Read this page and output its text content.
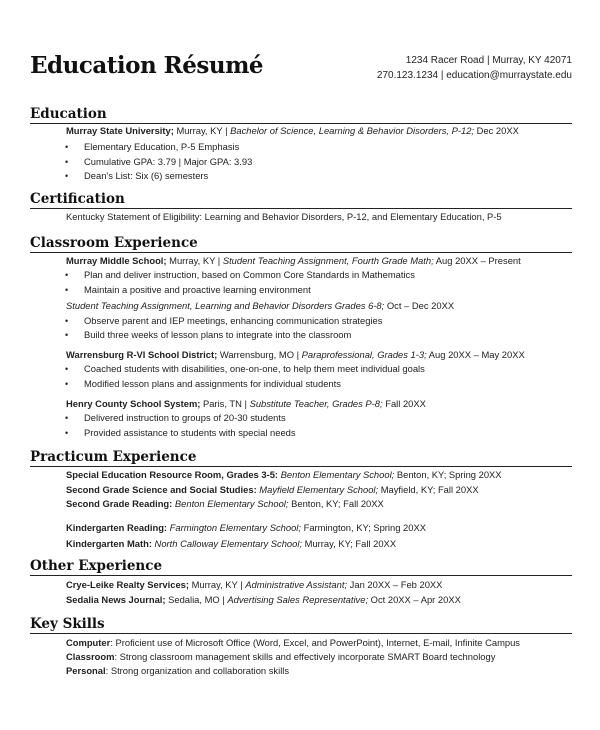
Education Résumé	1234 Racer Road | Murray, KY 42071
270.123.1234 | education@murraystate.edu
Education
Murray State University; Murray, KY | Bachelor of Science, Learning & Behavior Disorders, P-12; Dec 20XX
• Elementary Education, P-5 Emphasis
• Cumulative GPA: 3.79 | Major GPA: 3.93
• Dean's List: Six (6) semesters
Certification
Kentucky Statement of Eligibility: Learning and Behavior Disorders, P-12, and Elementary Education, P-5
Classroom Experience
Murray Middle School; Murray, KY | Student Teaching Assignment, Fourth Grade Math; Aug 20XX – Present
• Plan and deliver instruction, based on Common Core Standards in Mathematics
• Maintain a positive and proactive learning environment
Student Teaching Assignment, Learning and Behavior Disorders Grades 6-8; Oct – Dec 20XX
• Observe parent and IEP meetings, enhancing communication strategies
• Build three weeks of lesson plans to integrate into the classroom
Warrensburg R-VI School District; Warrensburg, MO | Paraprofessional, Grades 1-3; Aug 20XX – May 20XX
• Coached students with disabilities, one-on-one, to help them meet individual goals
• Modified lesson plans and assignments for individual students
Henry County School System; Paris, TN | Substitute Teacher, Grades P-8; Fall 20XX
• Delivered instruction to groups of 20-30 students
• Provided assistance to students with special needs
Practicum Experience
Special Education Resource Room, Grades 3-5: Benton Elementary School; Benton, KY; Spring 20XX
Second Grade Science and Social Studies: Mayfield Elementary School; Mayfield, KY; Fall 20XX
Second Grade Reading: Benton Elementary School; Benton, KY; Fall 20XX
Kindergarten Reading: Farmington Elementary School; Farmington, KY; Spring 20XX
Kindergarten Math: North Calloway Elementary School; Murray, KY; Fall 20XX
Other Experience
Crye-Leike Realty Services; Murray, KY | Administrative Assistant; Jan 20XX – Feb 20XX
Sedalia News Journal; Sedalia, MO | Advertising Sales Representative; Oct 20XX – Apr 20XX
Key Skills
Computer: Proficient use of Microsoft Office (Word, Excel, and PowerPoint), Internet, E-mail, Infinite Campus
Classroom: Strong classroom management skills and effectively incorporate SMART Board technology
Personal: Strong organization and collaboration skills
